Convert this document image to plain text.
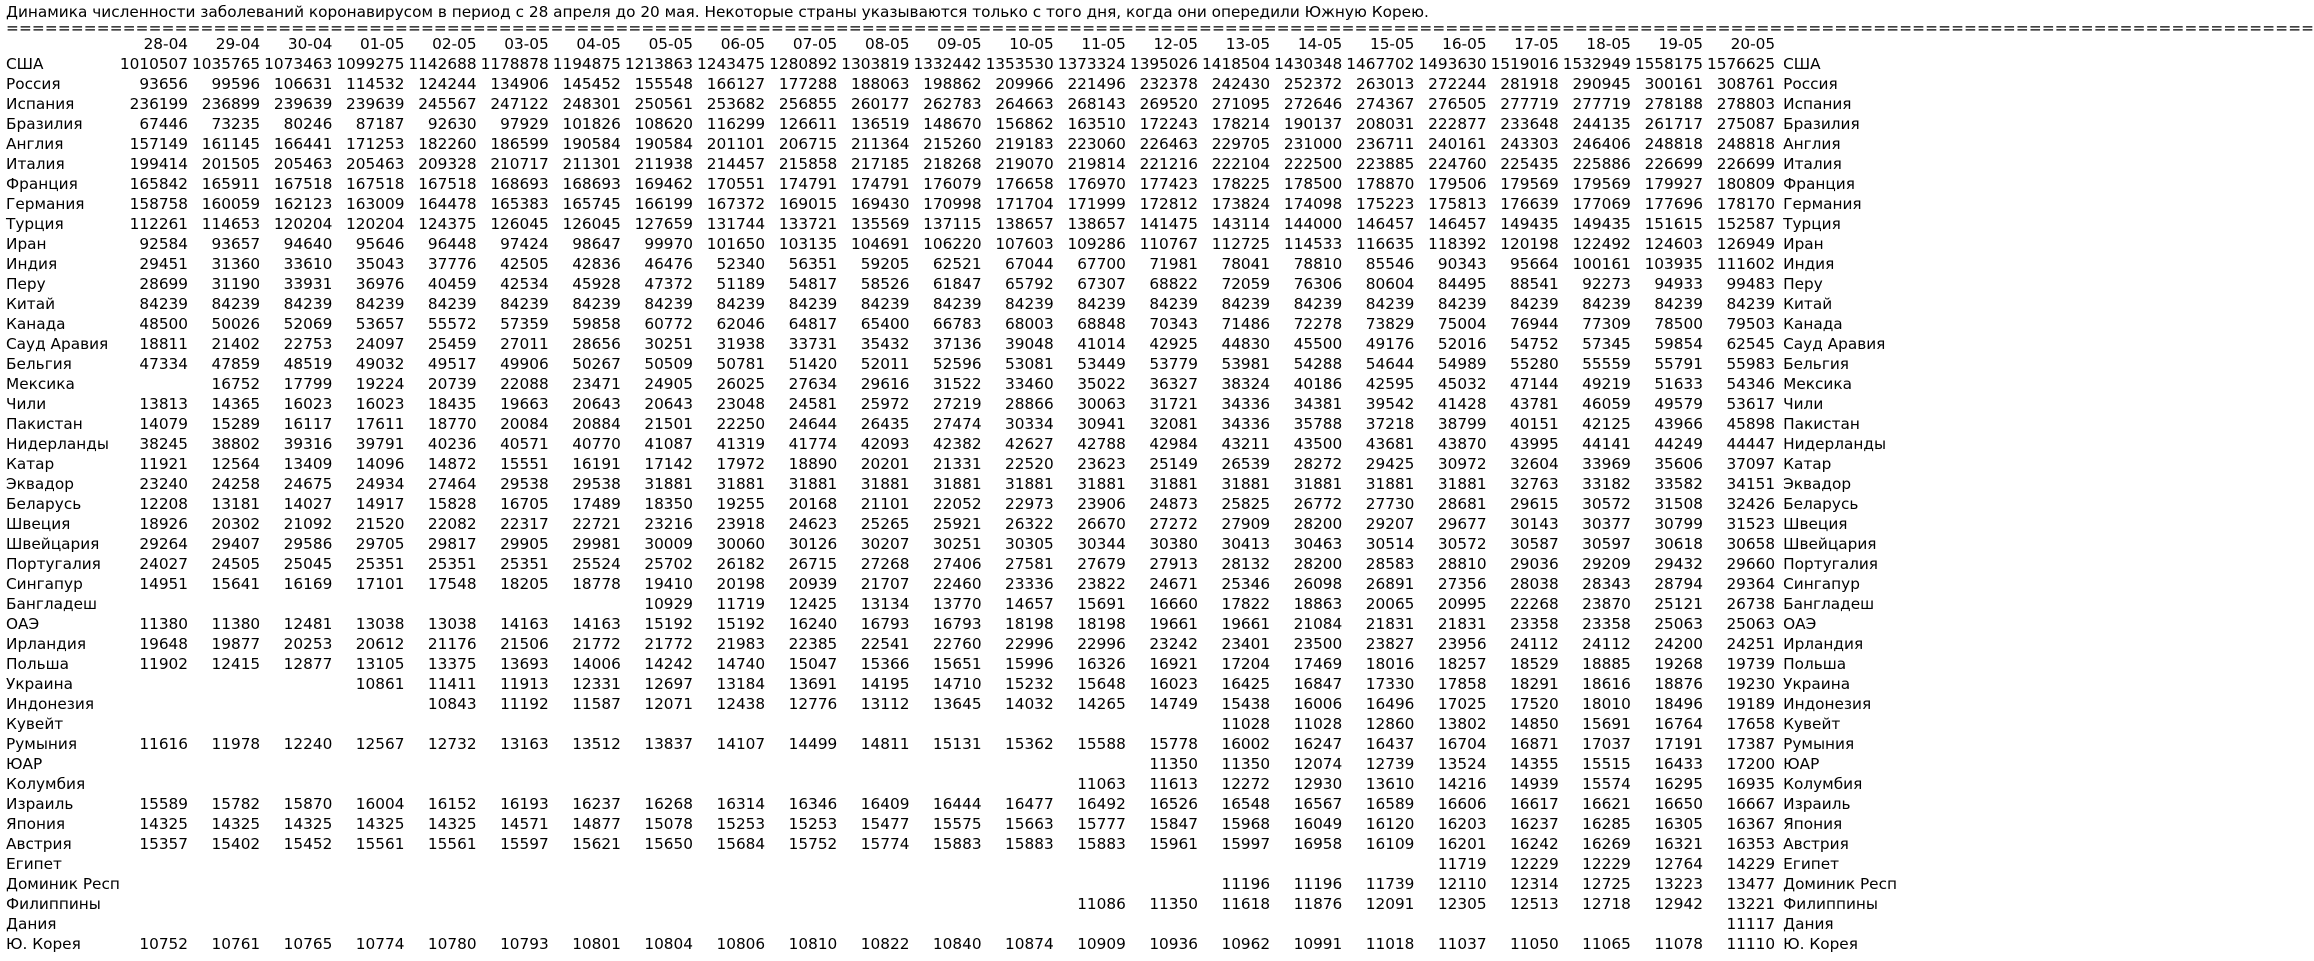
Динамика численности заболеваний коронавирусом в период с 28 апреля до 20 мая. Некоторые страны указываются только с того дня, когда они опередили Южную Корею.
==================================================================================================================================================================================
	28-04	29-04	30-04	01-05	02-05	03-05	04-05	05-05	06-05	07-05	08-05	09-05	10-05	11-05	12-05	13-05	14-05	15-05	16-05	17-05	18-05	19-05	20-05	
США	1010507	1035765	1073463	1099275	1142688	1178878	1194875	1213863	1243475	1280892	1303819	1332442	1353530	1373324	1395026	1418504	1430348	1467702	1493630	1519016	1532949	1558175	1576625	США
Россия	93656	99596	106631	114532	124244	134906	145452	155548	166127	177288	188063	198862	209966	221496	232378	242430	252372	263013	272244	281918	290945	300161	308761	Россия
Испания	236199	236899	239639	239639	245567	247122	248301	250561	253682	256855	260177	262783	264663	268143	269520	271095	272646	274367	276505	277719	277719	278188	278803	Испания
Бразилия	67446	73235	80246	87187	92630	97929	101826	108620	116299	126611	136519	148670	156862	163510	172243	178214	190137	208031	222877	233648	244135	261717	275087	Бразилия
Англия	157149	161145	166441	171253	182260	186599	190584	190584	201101	206715	211364	215260	219183	223060	226463	229705	231000	236711	240161	243303	246406	248818	248818	Англия
Италия	199414	201505	205463	205463	209328	210717	211301	211938	214457	215858	217185	218268	219070	219814	221216	222104	222500	223885	224760	225435	225886	226699	226699	Италия
Франция	165842	165911	167518	167518	167518	168693	168693	169462	170551	174791	174791	176079	176658	176970	177423	178225	178500	178870	179506	179569	179569	179927	180809	Франция
Германия	158758	160059	162123	163009	164478	165383	165745	166199	167372	169015	169430	170998	171704	171999	172812	173824	174098	175223	175813	176639	177069	177696	178170	Германия
Турция	112261	114653	120204	120204	124375	126045	126045	127659	131744	133721	135569	137115	138657	138657	141475	143114	144000	146457	146457	149435	149435	151615	152587	Турция
Иран	92584	93657	94640	95646	96448	97424	98647	99970	101650	103135	104691	106220	107603	109286	110767	112725	114533	116635	118392	120198	122492	124603	126949	Иран
Индия	29451	31360	33610	35043	37776	42505	42836	46476	52340	56351	59205	62521	67044	67700	71981	78041	78810	85546	90343	95664	100161	103935	111602	Индия
Перу	28699	31190	33931	36976	40459	42534	45928	47372	51189	54817	58526	61847	65792	67307	68822	72059	76306	80604	84495	88541	92273	94933	99483	Перу
Китай	84239	84239	84239	84239	84239	84239	84239	84239	84239	84239	84239	84239	84239	84239	84239	84239	84239	84239	84239	84239	84239	84239	84239	Китай
Канада	48500	50026	52069	53657	55572	57359	59858	60772	62046	64817	65400	66783	68003	68848	70343	71486	72278	73829	75004	76944	77309	78500	79503	Канада
Сауд Аравия	18811	21402	22753	24097	25459	27011	28656	30251	31938	33731	35432	37136	39048	41014	42925	44830	45500	49176	52016	54752	57345	59854	62545	Сауд Аравия
Бельгия	47334	47859	48519	49032	49517	49906	50267	50509	50781	51420	52011	52596	53081	53449	53779	53981	54288	54644	54989	55280	55559	55791	55983	Бельгия
Мексика		16752	17799	19224	20739	22088	23471	24905	26025	27634	29616	31522	33460	35022	36327	38324	40186	42595	45032	47144	49219	51633	54346	Мексика
Чили	13813	14365	16023	16023	18435	19663	20643	20643	23048	24581	25972	27219	28866	30063	31721	34336	34381	39542	41428	43781	46059	49579	53617	Чили
Пакистан	14079	15289	16117	17611	18770	20084	20884	21501	22250	24644	26435	27474	30334	30941	32081	34336	35788	37218	38799	40151	42125	43966	45898	Пакистан
Нидерланды	38245	38802	39316	39791	40236	40571	40770	41087	41319	41774	42093	42382	42627	42788	42984	43211	43500	43681	43870	43995	44141	44249	44447	Нидерланды
Катар	11921	12564	13409	14096	14872	15551	16191	17142	17972	18890	20201	21331	22520	23623	25149	26539	28272	29425	30972	32604	33969	35606	37097	Катар
Эквадор	23240	24258	24675	24934	27464	29538	29538	31881	31881	31881	31881	31881	31881	31881	31881	31881	31881	31881	31881	32763	33182	33582	34151	Эквадор
Беларусь	12208	13181	14027	14917	15828	16705	17489	18350	19255	20168	21101	22052	22973	23906	24873	25825	26772	27730	28681	29615	30572	31508	32426	Беларусь
Швеция	18926	20302	21092	21520	22082	22317	22721	23216	23918	24623	25265	25921	26322	26670	27272	27909	28200	29207	29677	30143	30377	30799	31523	Швеция
Швейцария	29264	29407	29586	29705	29817	29905	29981	30009	30060	30126	30207	30251	30305	30344	30380	30413	30463	30514	30572	30587	30597	30618	30658	Швейцария
Португалия	24027	24505	25045	25351	25351	25351	25524	25702	26182	26715	27268	27406	27581	27679	27913	28132	28200	28583	28810	29036	29209	29432	29660	Португалия
Сингапур	14951	15641	16169	17101	17548	18205	18778	19410	20198	20939	21707	22460	23336	23822	24671	25346	26098	26891	27356	28038	28343	28794	29364	Сингапур
Бангладеш								10929	11719	12425	13134	13770	14657	15691	16660	17822	18863	20065	20995	22268	23870	25121	26738	Бангладеш
ОАЭ	11380	11380	12481	13038	13038	14163	14163	15192	15192	16240	16793	16793	18198	18198	19661	19661	21084	21831	21831	23358	23358	25063	25063	ОАЭ
Ирландия	19648	19877	20253	20612	21176	21506	21772	21772	21983	22385	22541	22760	22996	22996	23242	23401	23500	23827	23956	24112	24112	24200	24251	Ирландия
Польша	11902	12415	12877	13105	13375	13693	14006	14242	14740	15047	15366	15651	15996	16326	16921	17204	17469	18016	18257	18529	18885	19268	19739	Польша
Украина				10861	11411	11913	12331	12697	13184	13691	14195	14710	15232	15648	16023	16425	16847	17330	17858	18291	18616	18876	19230	Украина
Индонезия					10843	11192	11587	12071	12438	12776	13112	13645	14032	14265	14749	15438	16006	16496	17025	17520	18010	18496	19189	Индонезия
Кувейт																11028	11028	12860	13802	14850	15691	16764	17658	Кувейт
Румыния	11616	11978	12240	12567	12732	13163	13512	13837	14107	14499	14811	15131	15362	15588	15778	16002	16247	16437	16704	16871	17037	17191	17387	Румыния
ЮАР															11350	11350	12074	12739	13524	14355	15515	16433	17200	ЮАР
Колумбия														11063	11613	12272	12930	13610	14216	14939	15574	16295	16935	Колумбия
Израиль	15589	15782	15870	16004	16152	16193	16237	16268	16314	16346	16409	16444	16477	16492	16526	16548	16567	16589	16606	16617	16621	16650	16667	Израиль
Япония	14325	14325	14325	14325	14325	14571	14877	15078	15253	15253	15477	15575	15663	15777	15847	15968	16049	16120	16203	16237	16285	16305	16367	Япония
Австрия	15357	15402	15452	15561	15561	15597	15621	15650	15684	15752	15774	15883	15883	15883	15961	15997	16958	16109	16201	16242	16269	16321	16353	Австрия
Египет																			11719	12229	12229	12764	14229	Египет
Доминик Респ																11196	11196	11739	12110	12314	12725	13223	13477	Доминик Респ
Филиппины														11086	11350	11618	11876	12091	12305	12513	12718	12942	13221	Филиппины
Дания																							11117	Дания
Ю. Корея	10752	10761	10765	10774	10780	10793	10801	10804	10806	10810	10822	10840	10874	10909	10936	10962	10991	11018	11037	11050	11065	11078	11110	Ю. Корея
